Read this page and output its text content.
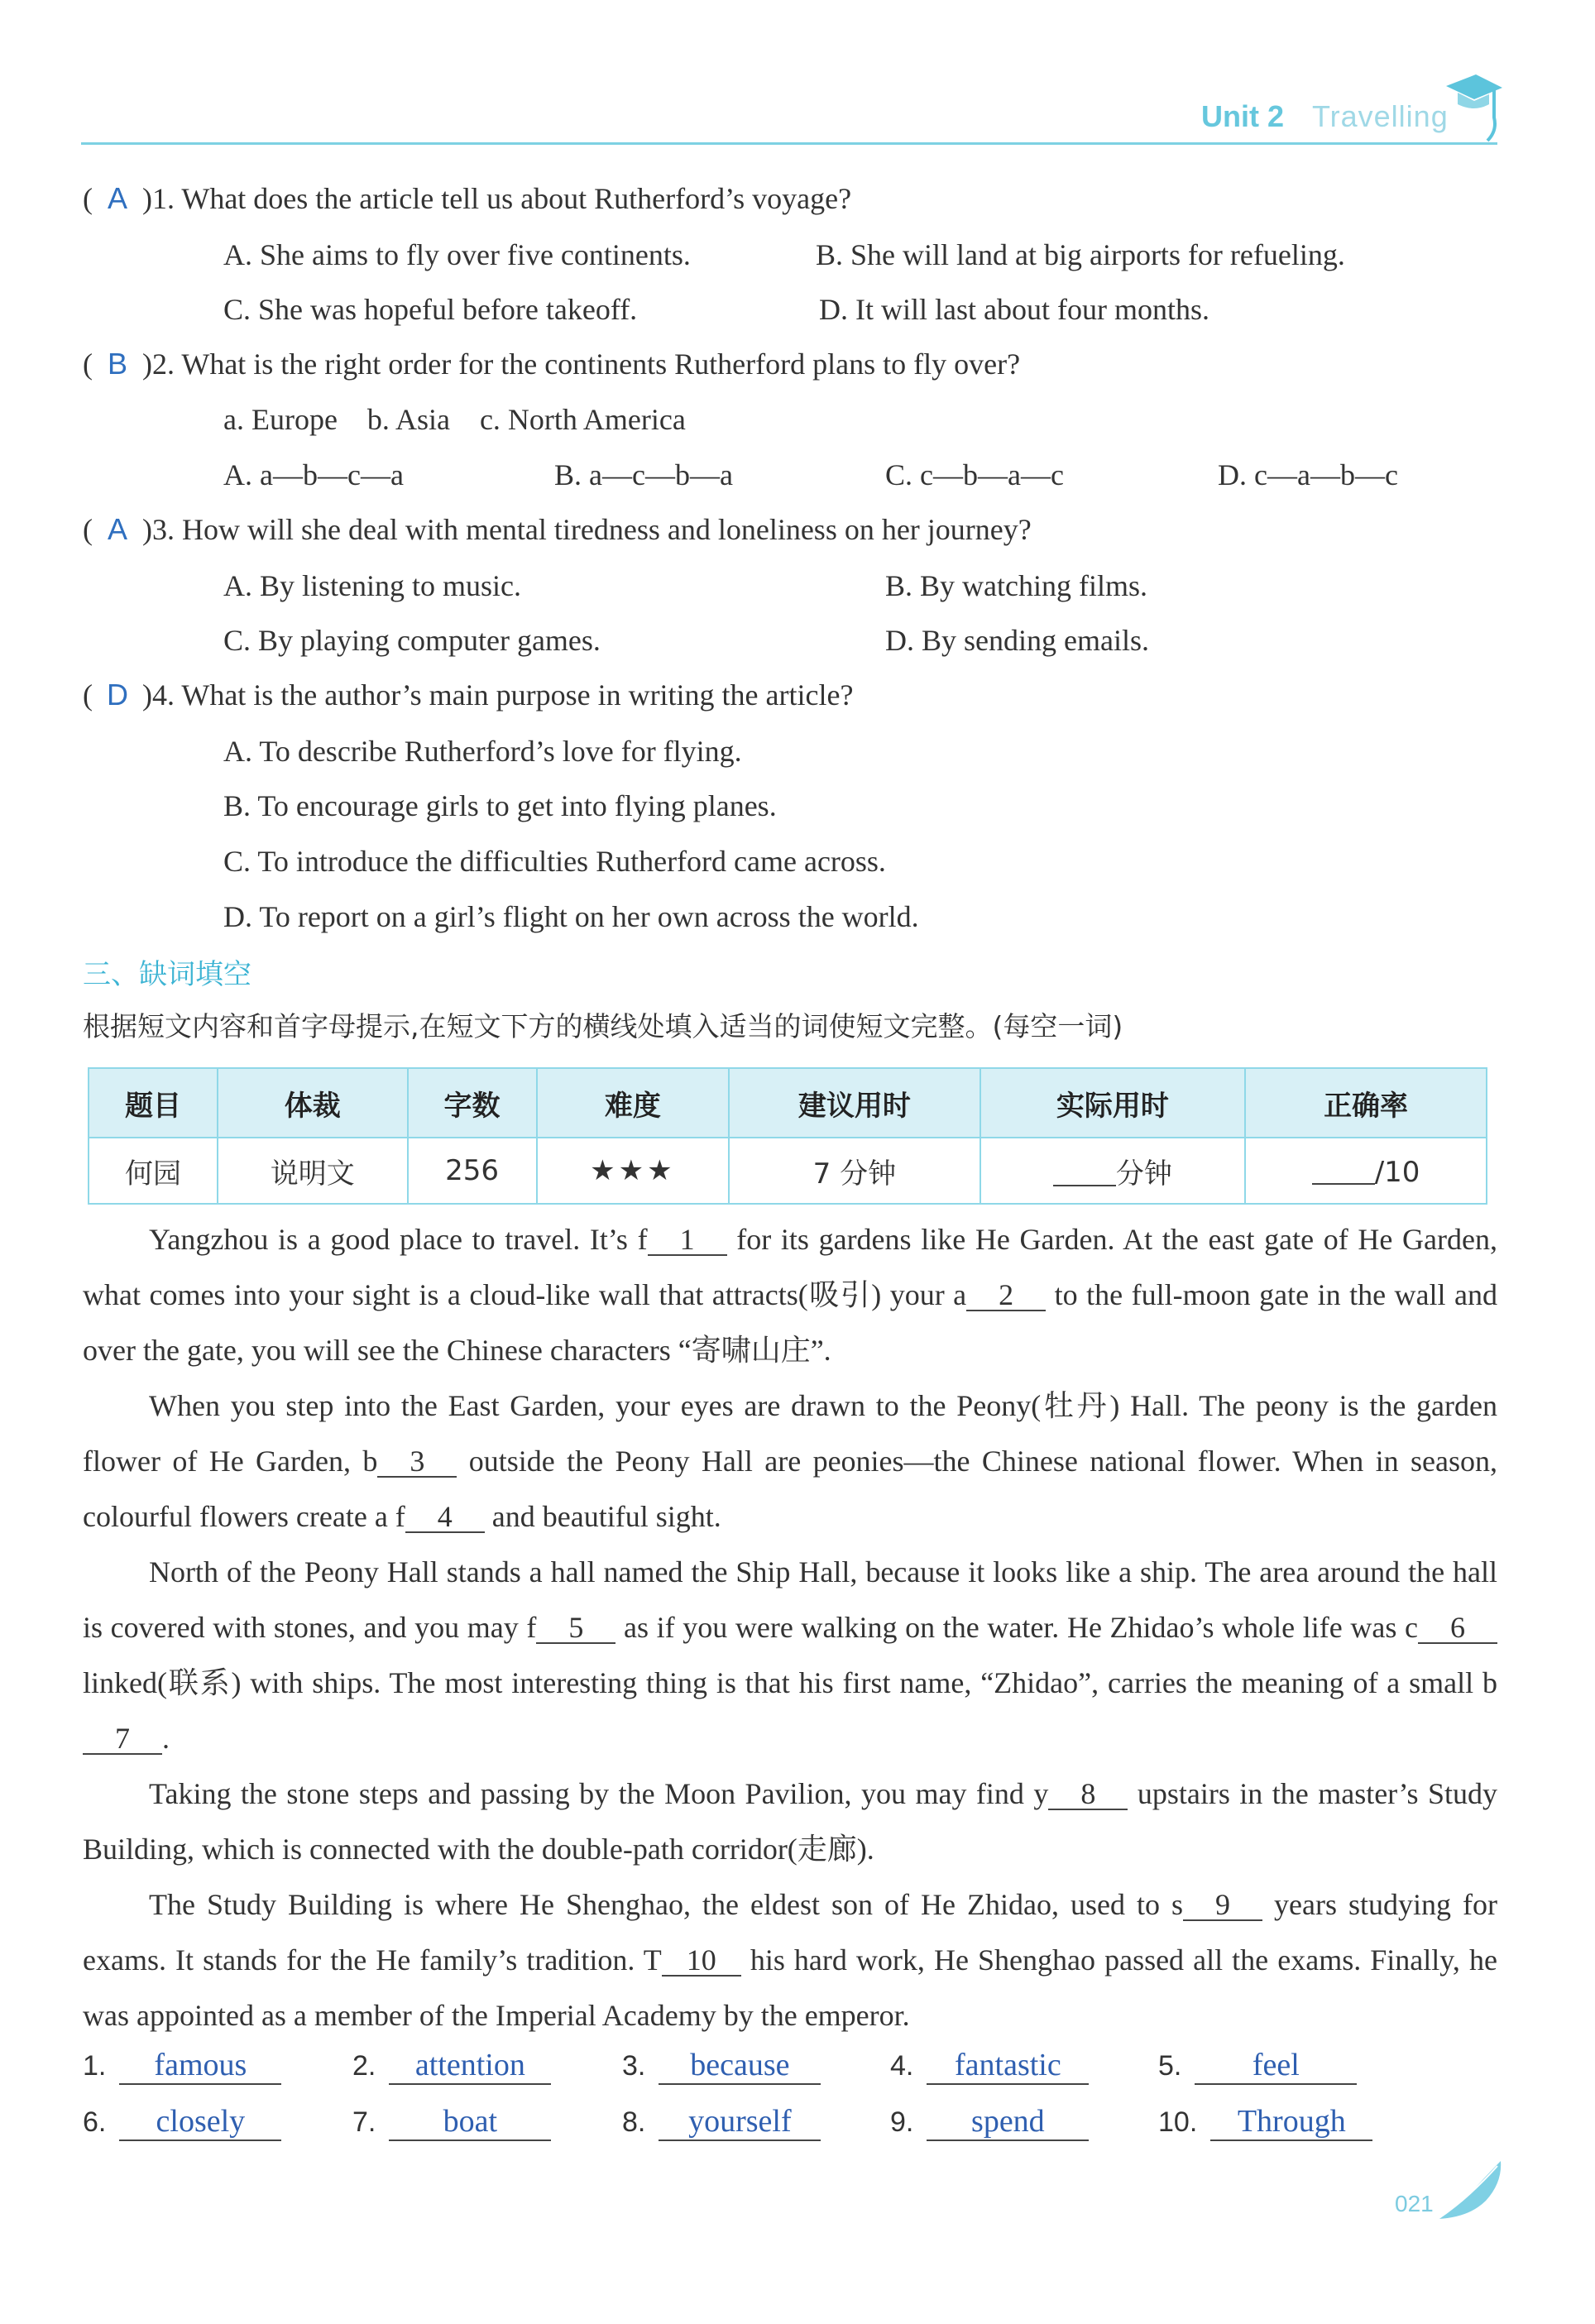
Unit 2 Travelling
( A )1. What does the article tell us about Rutherford’s voyage?
A. She aims to fly over five continents.	B. She will land at big airports for refueling.
C. She was hopeful before takeoff.	D. It will last about four months.
( B )2. What is the right order for the continents Rutherford plans to fly over?
a. Europe    b. Asia    c. North America
A. a—b—c—a	B. a—c—b—a	C. c—b—a—c	D. c—a—b—c
( A )3. How will she deal with mental tiredness and loneliness on her journey?
A. By listening to music.	B. By watching films.
C. By playing computer games.	D. By sending emails.
( D )4. What is the author’s main purpose in writing the article?
A. To describe Rutherford’s love for flying.
B. To encourage girls to get into flying planes.
C. To introduce the difficulties Rutherford came across.
D. To report on a girl’s flight on her own across the world.
三、缺词填空
根据短文内容和首字母提示,在短文下方的横线处填入适当的词使短文完整。(每空一词)
题目	体裁	字数	难度	建议用时	实际用时	正确率
何园	说明文	256	★★★	7 分钟	分钟	/10

Yangzhou is a good place to travel. It’s f 1 for its gardens like He Garden. At the east gate of He Garden, what comes into your sight is a cloud-like wall that attracts(吸引) your a 2 to the full-moon gate in the wall and over the gate, you will see the Chinese characters “寄啸山庄”.

When you step into the East Garden, your eyes are drawn to the Peony(牡丹) Hall. The peony is the garden flower of He Garden, b 3 outside the Peony Hall are peonies—the Chinese national flower. When in season, colourful flowers create a f 4 and beautiful sight.

North of the Peony Hall stands a hall named the Ship Hall, because it looks like a ship. The area around the hall is covered with stones, and you may f 5 as if you were walking on the water. He Zhidao’s whole life was c 6 linked(联系) with ships. The most interesting thing is that his first name, “Zhidao”, carries the meaning of a small b7 .

Taking the stone steps and passing by the Moon Pavilion, you may find y 8 upstairs in the master’s Study Building, which is connected with the double-path corridor(走廊).

The Study Building is where He Shenghao, the eldest son of He Zhidao, used to s 9 years studying for exams. It stands for the He family’s tradition. T 10 his hard work, He Shenghao passed all the exams. Finally, he was appointed as a member of the Imperial Academy by the emperor.

1. famous	2. attention	3. because	4. fantastic	5. feel
6. closely	7. boat	8. yourself	9. spend	10. Through
021
